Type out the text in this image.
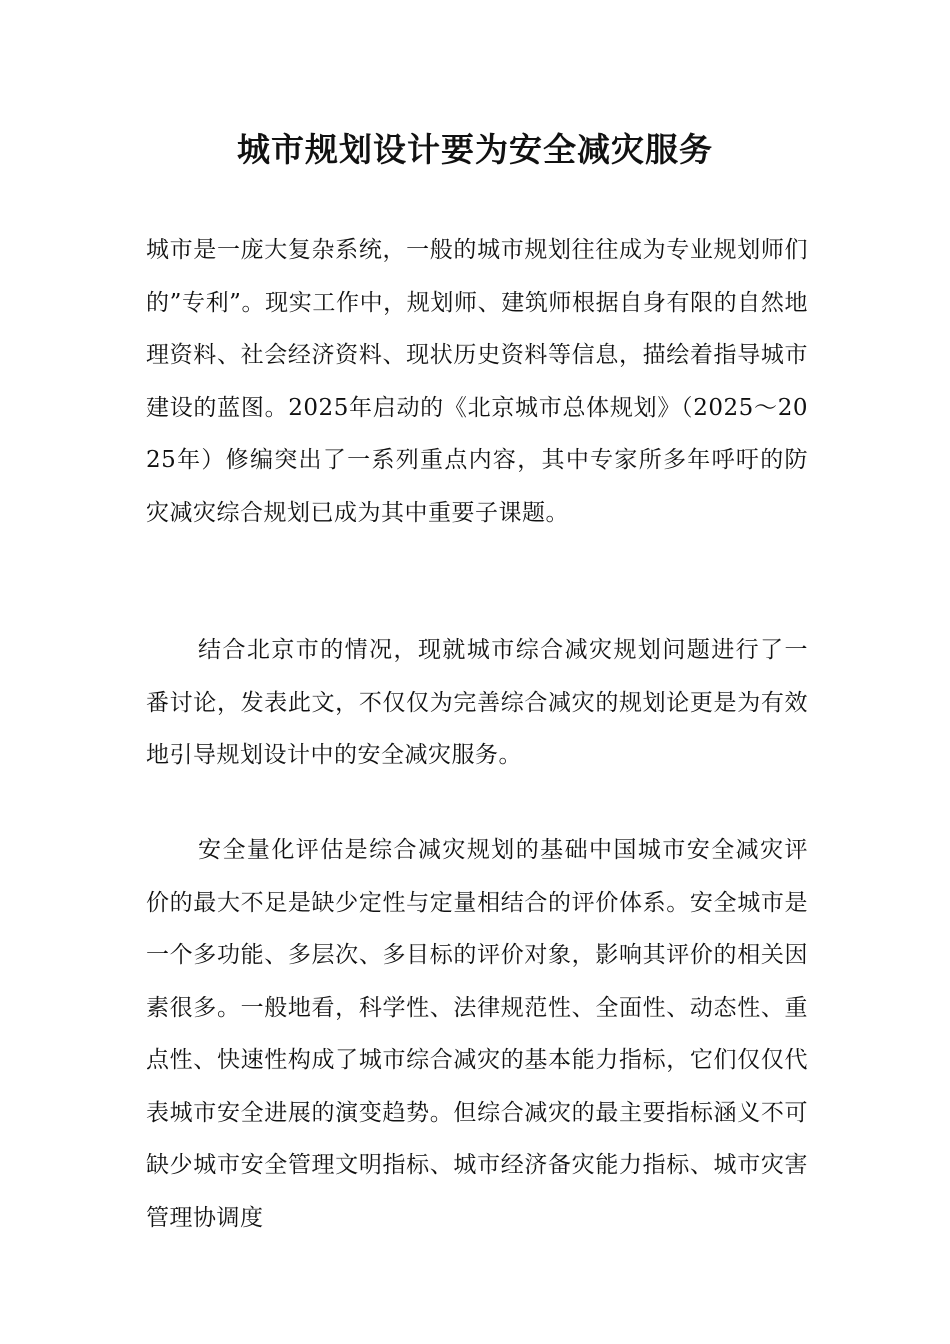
城市规划设计要为安全减灾服务

城市是一庞大复杂系统，一般的城市规划往往成为专业规划师们的”专利”。现实工作中，规划师、建筑师根据自身有限的自然地理资料、社会经济资料、现状历史资料等信息，描绘着指导城市建设的蓝图。2025年启动的《北京城市总体规划》（2025～2025年）修编突出了一系列重点内容，其中专家所多年呼吁的防灾减灾综合规划已成为其中重要子课题。

结合北京市的情况，现就城市综合减灾规划问题进行了一番讨论，发表此文，不仅仅为完善综合减灾的规划论更是为有效地引导规划设计中的安全减灾服务。

安全量化评估是综合减灾规划的基础中国城市安全减灾评价的最大不足是缺少定性与定量相结合的评价体系。安全城市是一个多功能、多层次、多目标的评价对象，影响其评价的相关因素很多。一般地看，科学性、法律规范性、全面性、动态性、重点性、快速性构成了城市综合减灾的基本能力指标，它们仅仅代表城市安全进展的演变趋势。但综合减灾的最主要指标涵义不可缺少城市安全管理文明指标、城市经济备灾能力指标、城市灾害管理协调度
